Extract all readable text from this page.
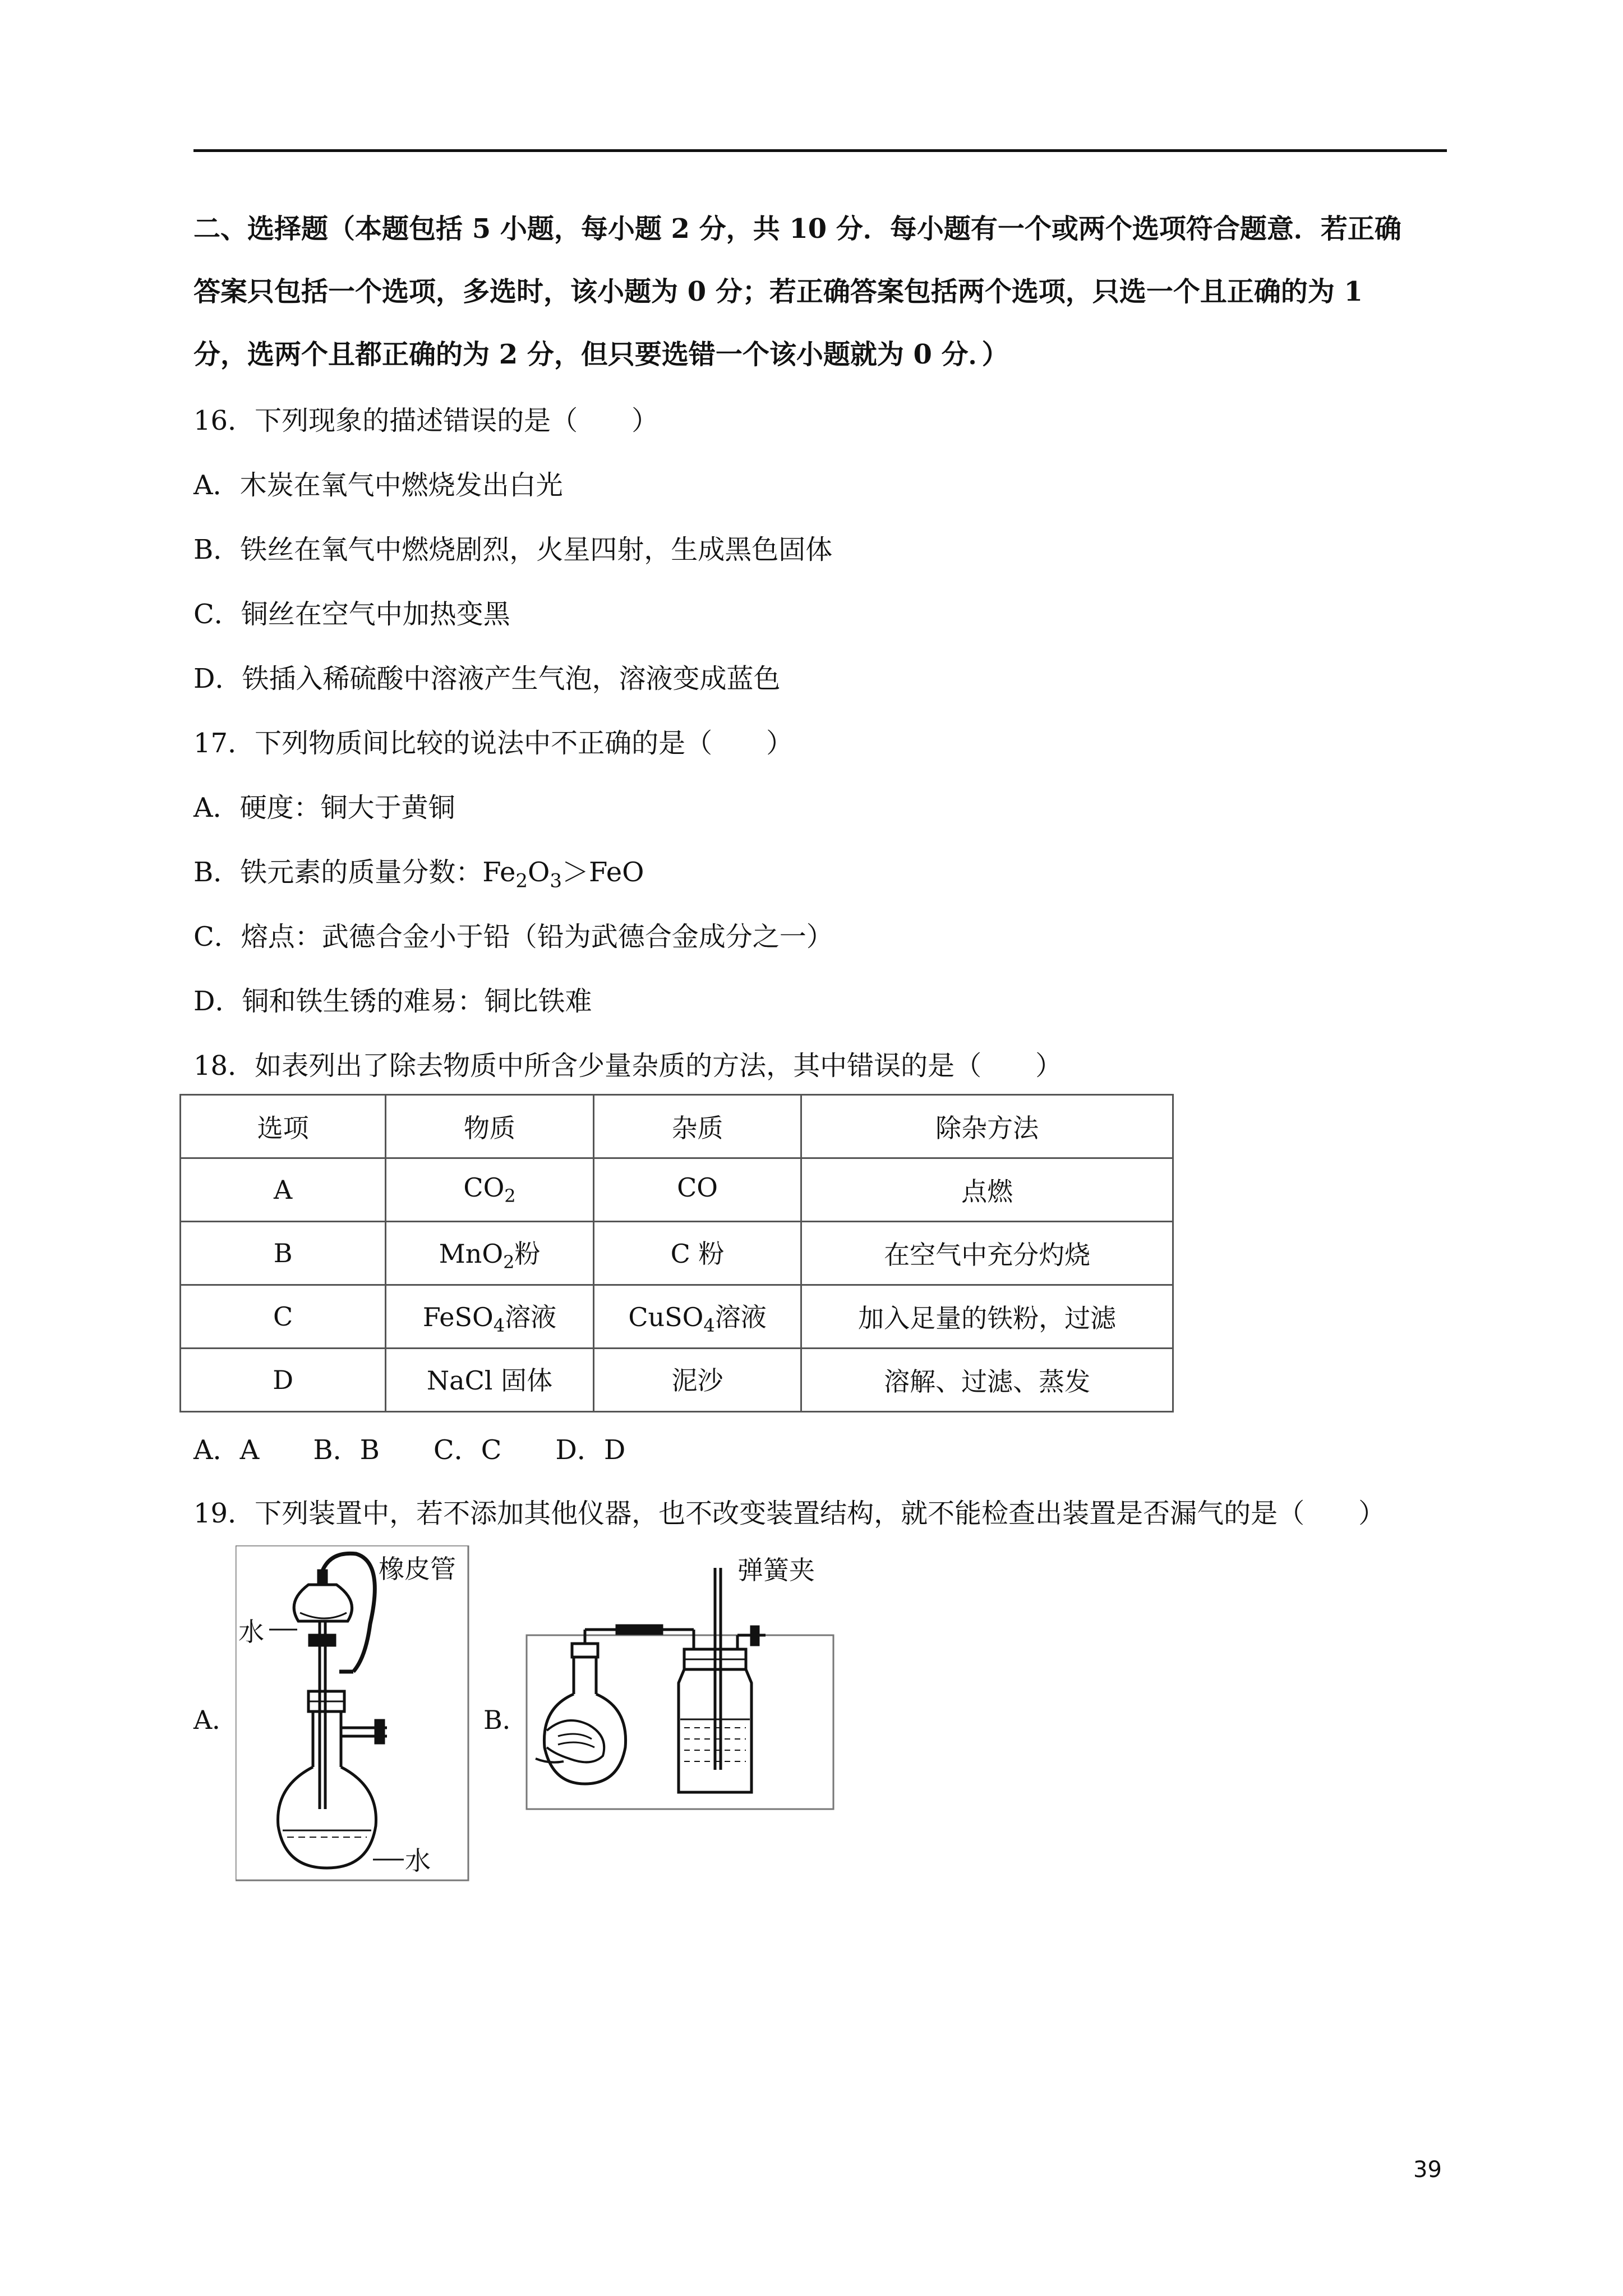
二、选择题（本题包括 5 小题，每小题 2 分，共 10 分．每小题有一个或两个选项符合题意．若正确
答案只包括一个选项，多选时，该小题为 0 分；若正确答案包括两个选项，只选一个且正确的为 1
分，选两个且都正确的为 2 分，但只要选错一个该小题就为 0 分．）
16．下列现象的描述错误的是（　　）
A．木炭在氧气中燃烧发出白光
B．铁丝在氧气中燃烧剧烈，火星四射，生成黑色固体
C．铜丝在空气中加热变黑
D．铁插入稀硫酸中溶液产生气泡，溶液变成蓝色
17．下列物质间比较的说法中不正确的是（　　）
A．硬度：铜大于黄铜
B．铁元素的质量分数：$Fe_2O_3>FeO$
C．熔点：武德合金小于铅（铅为武德合金成分之一）
D．铜和铁生锈的难易：铜比铁难
18．如表列出了除去物质中所含少量杂质的方法，其中错误的是（　　）
选项	物质	杂质	除杂方法
A	$CO_2$	CO	点燃
B	MnO$_2$粉	C 粉	在空气中充分灼烧
C	FeSO$_4$溶液	CuSO$_4$溶液	加入足量的铁粉，过滤
D	NaCl 固体	泥沙	溶解、过滤、蒸发
A．A　　B．B　　C．C　　D．D
19．下列装置中，若不添加其他仪器，也不改变装置结构，就不能检查出装置是否漏气的是（　　）
A．	B．
橡皮管
水
水
弹簧夹
39
